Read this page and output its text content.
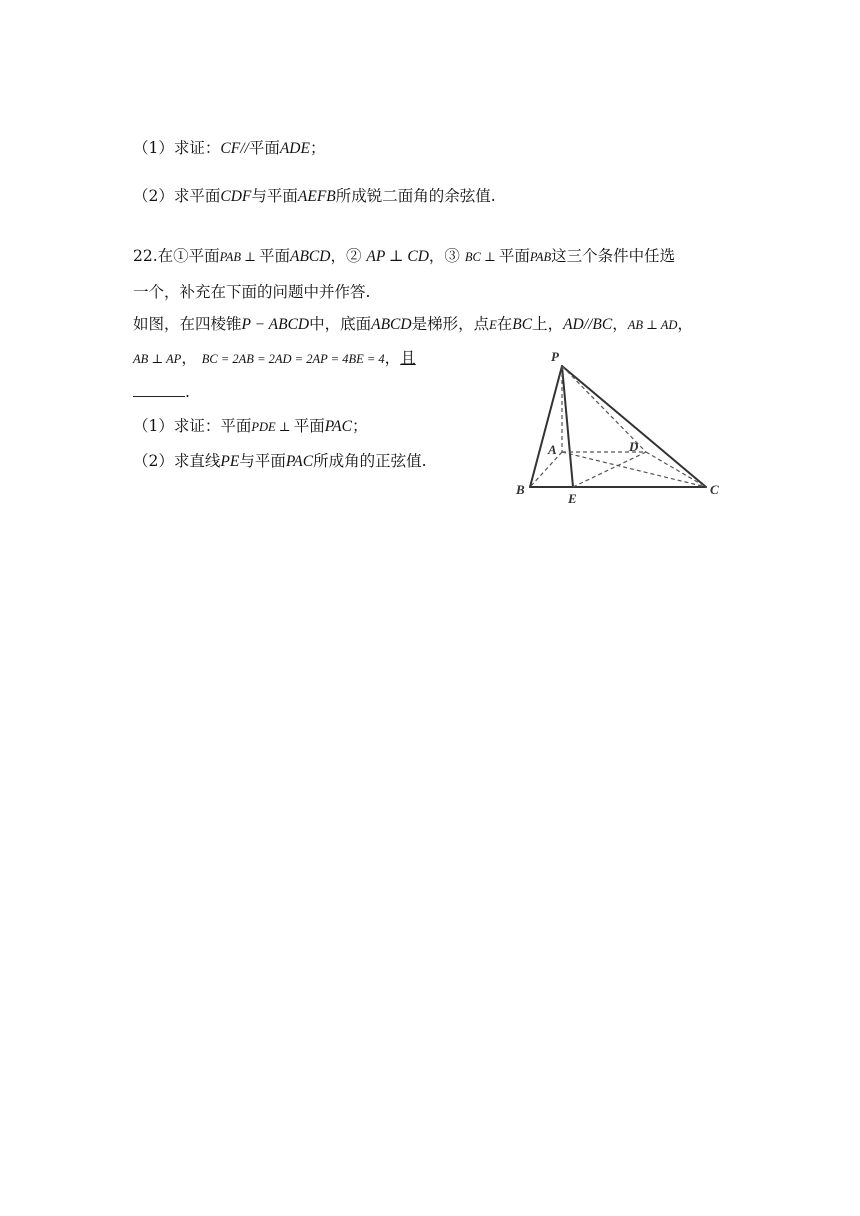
（1）求证：CF//平面ADE；
（2）求平面CDF与平面AEFB所成锐二面角的余弦值.
22.在①平面PAB ⊥ 平面ABCD，② AP ⊥ CD，③ BC ⊥ 平面PAB这三个条件中任选
一个，补充在下面的问题中并作答.
如图，在四棱锥P − ABCD中，底面ABCD是梯形，点E在BC上，AD//BC，AB ⊥ AD，
AB ⊥ AP， BC = 2AB = 2AD = 2AP = 4BE = 4，且
.
（1）求证：平面PDE ⊥ 平面PAC；
（2）求直线PE与平面PAC所成角的正弦值.
P
A	D
B
E
C
